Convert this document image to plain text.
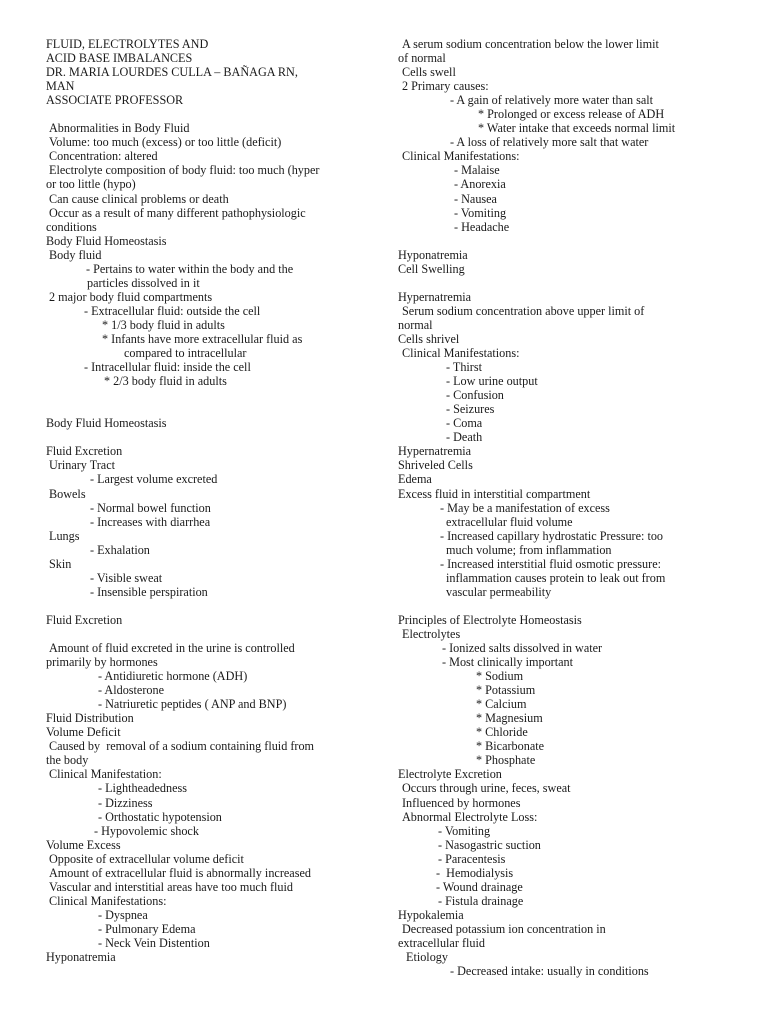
FLUID, ELECTROLYTES AND
ACID BASE IMBALANCES
DR. MARIA LOURDES CULLA – BAÑAGA RN,
MAN
ASSOCIATE PROFESSOR
Abnormalities in Body Fluid
Volume: too much (excess) or too little (deficit)
Concentration: altered
Electrolyte composition of body fluid: too much (hyper
or too little (hypo)
Can cause clinical problems or death
Occur as a result of many different pathophysiologic
conditions
Body Fluid Homeostasis
Body fluid
- Pertains to water within the body and the
particles dissolved in it
2 major body fluid compartments
- Extracellular fluid: outside the cell
* 1/3 body fluid in adults
* Infants have more extracellular fluid as
compared to intracellular
- Intracellular fluid: inside the cell
* 2/3 body fluid in adults
Body Fluid Homeostasis
Fluid Excretion
Urinary Tract
- Largest volume excreted
Bowels
- Normal bowel function
- Increases with diarrhea
Lungs
- Exhalation
Skin
- Visible sweat
- Insensible perspiration
Fluid Excretion
Amount of fluid excreted in the urine is controlled
primarily by hormones
- Antidiuretic hormone (ADH)
- Aldosterone
- Natriuretic peptides ( ANP and BNP)
Fluid Distribution
Volume Deficit
Caused by  removal of a sodium containing fluid from
the body
Clinical Manifestation:
- Lightheadedness
- Dizziness
- Orthostatic hypotension
- Hypovolemic shock
Volume Excess
Opposite of extracellular volume deficit
Amount of extracellular fluid is abnormally increased
Vascular and interstitial areas have too much fluid
Clinical Manifestations:
- Dyspnea
- Pulmonary Edema
- Neck Vein Distention
Hyponatremia
A serum sodium concentration below the lower limit
of normal
Cells swell
2 Primary causes:
- A gain of relatively more water than salt
* Prolonged or excess release of ADH
* Water intake that exceeds normal limit
- A loss of relatively more salt that water
Clinical Manifestations:
- Malaise
- Anorexia
- Nausea
- Vomiting
- Headache
Hyponatremia
Cell Swelling
Hypernatremia
Serum sodium concentration above upper limit of
normal
Cells shrivel
Clinical Manifestations:
- Thirst
- Low urine output
- Confusion
- Seizures
- Coma
- Death
Hypernatremia
Shriveled Cells
Edema
Excess fluid in interstitial compartment
- May be a manifestation of excess
extracellular fluid volume
- Increased capillary hydrostatic Pressure: too
much volume; from inflammation
- Increased interstitial fluid osmotic pressure:
inflammation causes protein to leak out from
vascular permeability
Principles of Electrolyte Homeostasis
Electrolytes
- Ionized salts dissolved in water
- Most clinically important
* Sodium
* Potassium
* Calcium
* Magnesium
* Chloride
* Bicarbonate
* Phosphate
Electrolyte Excretion
Occurs through urine, feces, sweat
Influenced by hormones
Abnormal Electrolyte Loss:
- Vomiting
- Nasogastric suction
- Paracentesis
-  Hemodialysis
- Wound drainage
- Fistula drainage
Hypokalemia
Decreased potassium ion concentration in
extracellular fluid
Etiology
- Decreased intake: usually in conditions
